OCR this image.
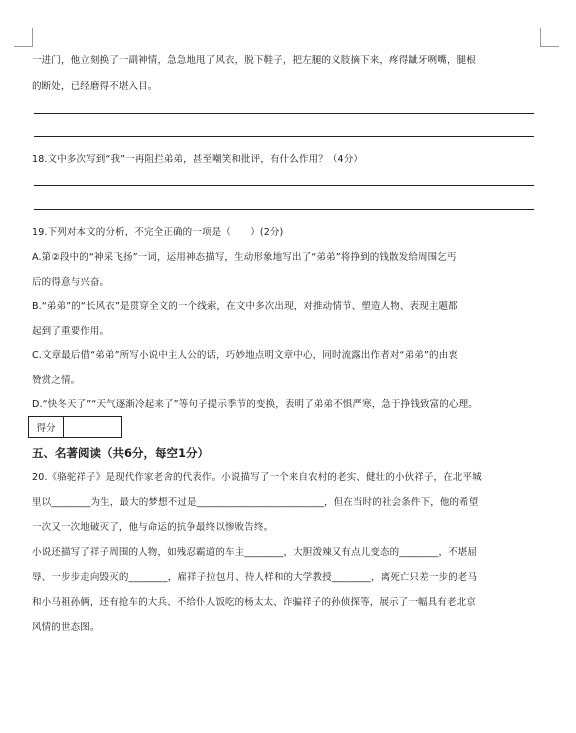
一进门，他立刻换了一副神情，急急地甩了风衣，脱下鞋子，把左腿的义肢摘下来，疼得龇牙咧嘴，腿根
的断处，已经磨得不堪入目。
18.文中多次写到“我”一再阻拦弟弟，甚至嘲笑和批评，有什么作用？（4分）
19.下列对本文的分析，不完全正确的一项是（　　）(2分)
A.第②段中的“神采飞扬”一词，运用神态描写，生动形象地写出了“弟弟”将挣到的钱散发给周围乞丐
后的得意与兴奋。
B.“弟弟”的“长风衣”是贯穿全文的一个线索，在文中多次出现，对推动情节、塑造人物、表现主题都
起到了重要作用。
C.文章最后借“弟弟”所写小说中主人公的话，巧妙地点明文章中心，同时流露出作者对“弟弟”的由衷
赞赏之情。
D.“快冬天了”“天气逐渐冷起来了”等句子提示季节的变换，表明了弟弟不惧严寒，急于挣钱致富的心理。
得分
五、名著阅读（共6分，每空1分）
20.《骆驼祥子》是现代作家老舍的代表作。小说描写了一个来自农村的老实、健壮的小伙祥子，在北平城
里以________为生，最大的梦想不过是__________________________，但在当时的社会条件下，他的希望
一次又一次地破灭了，他与命运的抗争最终以惨败告终。
小说还描写了祥子周围的人物，如残忍霸道的车主________，大胆泼辣又有点儿变态的________，不堪屈
辱、一步步走向毁灭的________，雇祥子拉包月、待人样和的大学教授________，离死亡只差一步的老马
和小马祖孙俩，还有抢车的大兵、不给仆人饭吃的杨太太、诈骗祥子的孙侦探等，展示了一幅具有老北京
风情的世态图。
